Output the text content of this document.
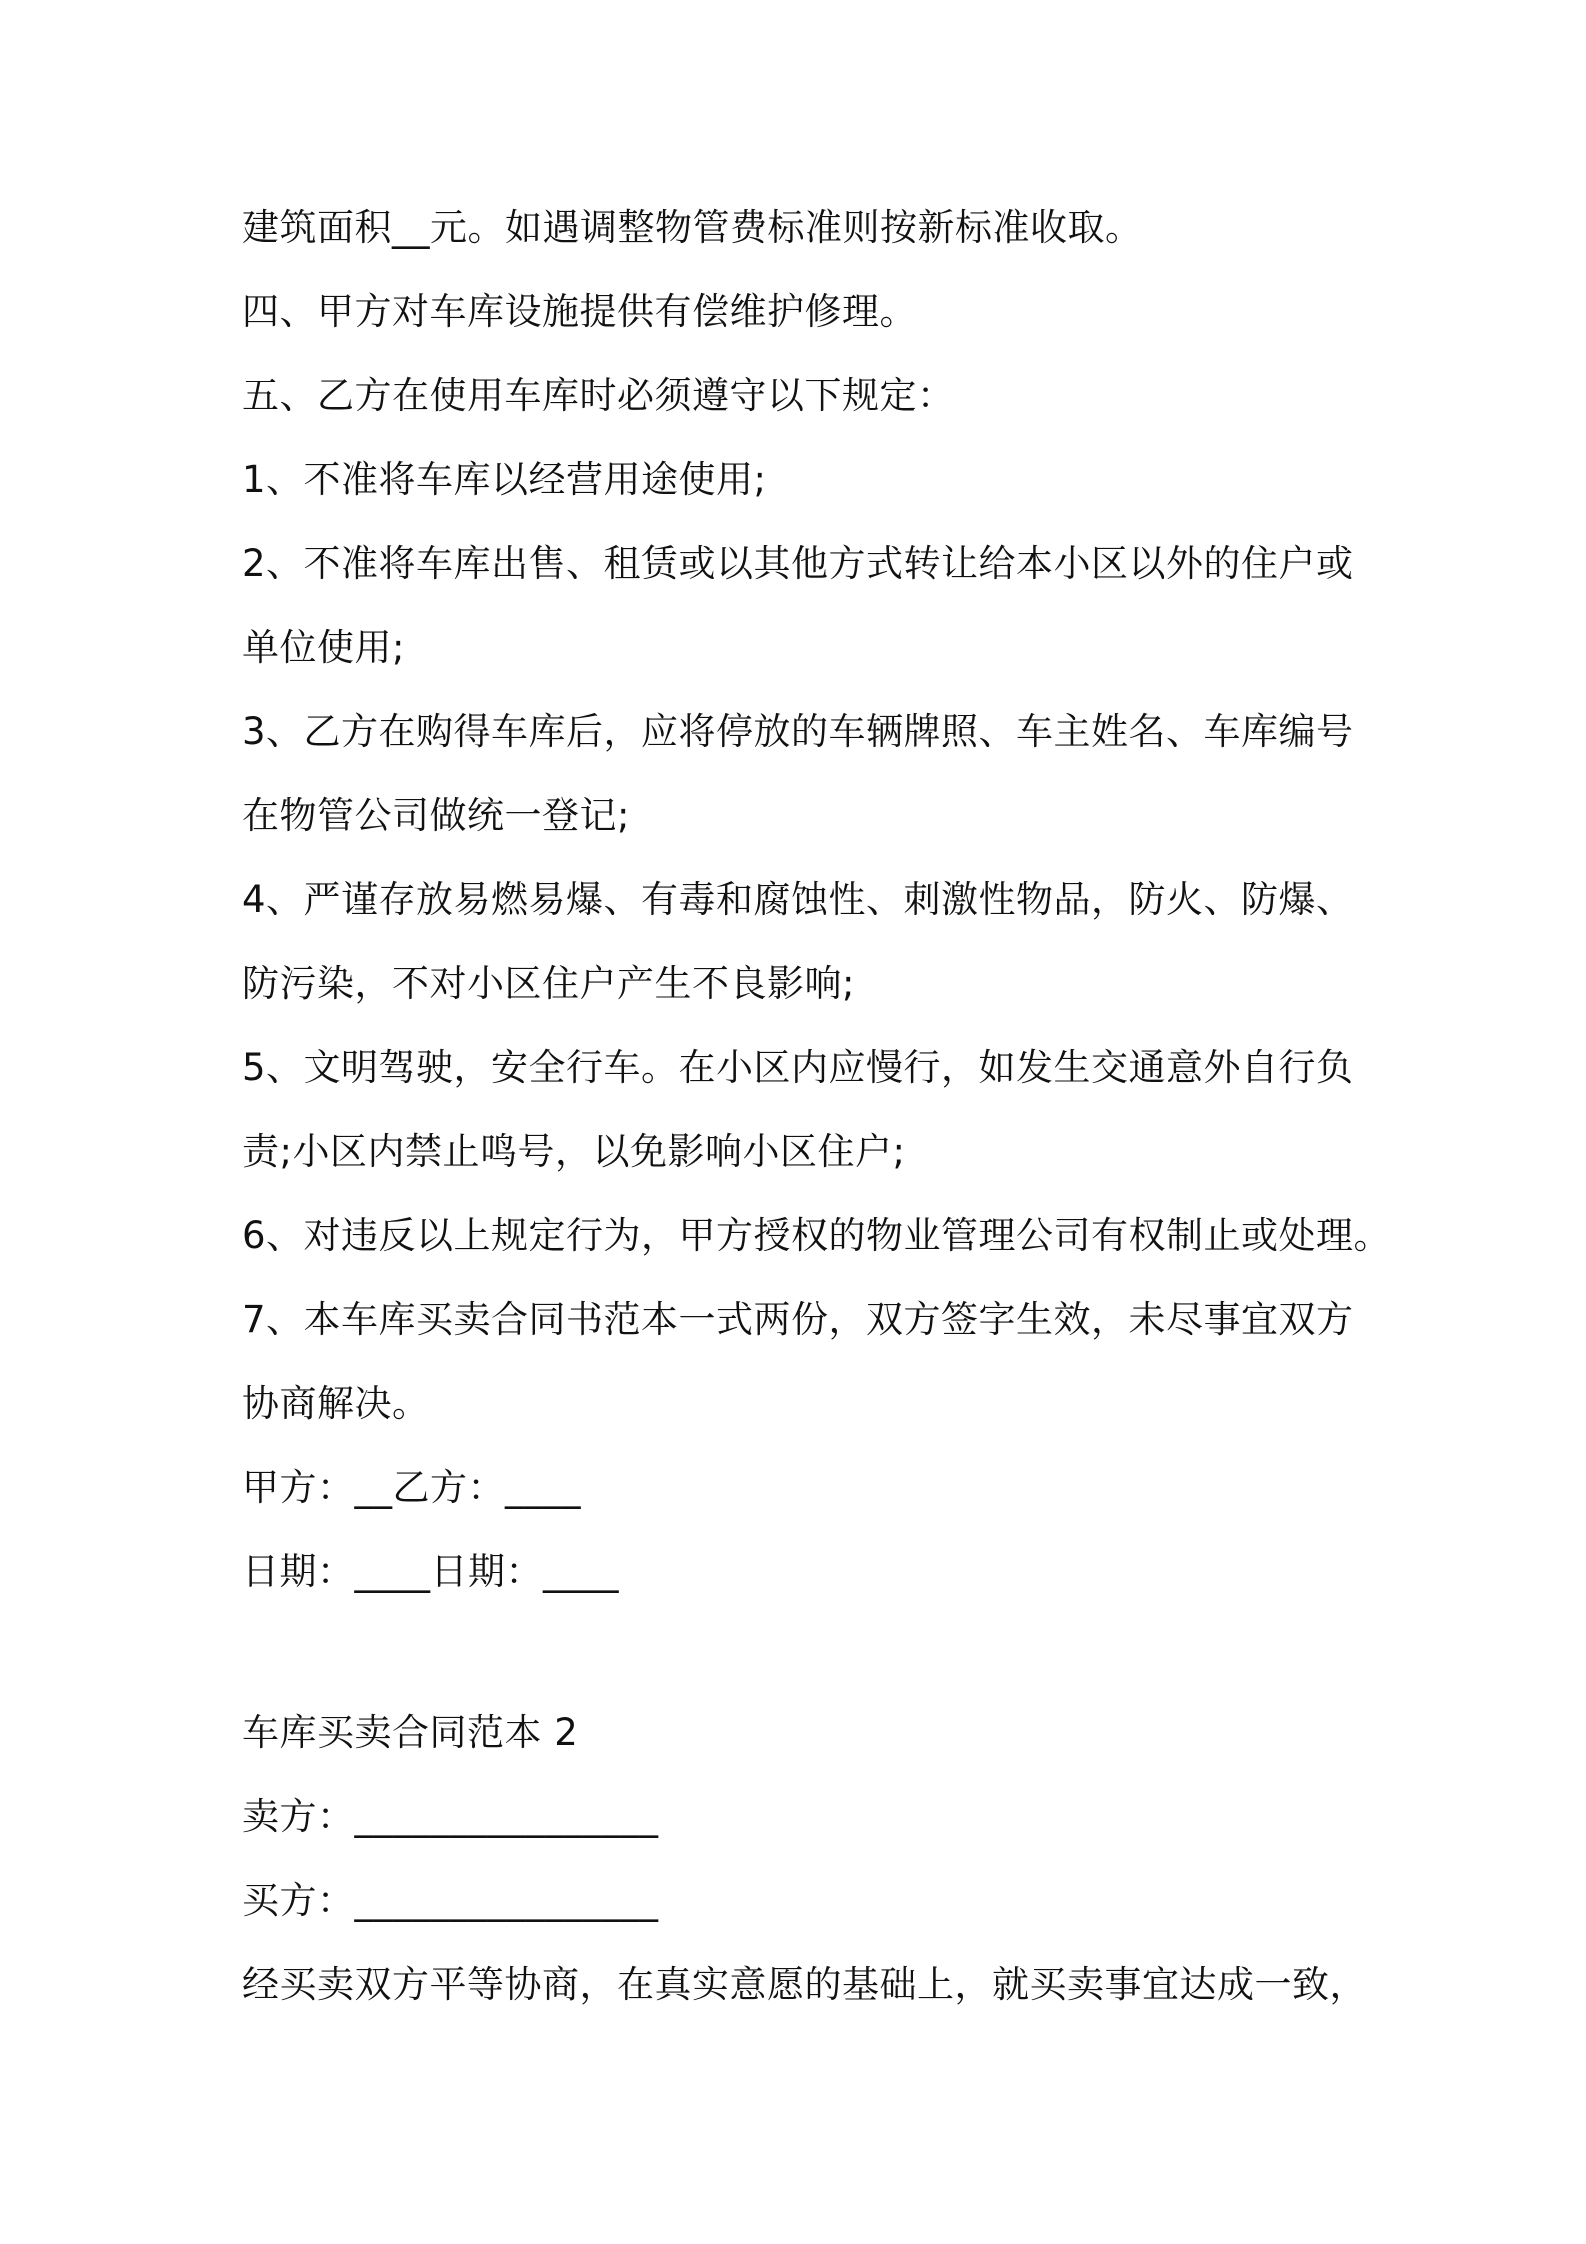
建筑面积__元。如遇调整物管费标准则按新标准收取。
四、甲方对车库设施提供有偿维护修理。
五、乙方在使用车库时必须遵守以下规定：
1、不准将车库以经营用途使用;
2、不准将车库出售、租赁或以其他方式转让给本小区以外的住户或
单位使用;
3、乙方在购得车库后，应将停放的车辆牌照、车主姓名、车库编号
在物管公司做统一登记;
4、严谨存放易燃易爆、有毒和腐蚀性、刺激性物品，防火、防爆、
防污染，不对小区住户产生不良影响;
5、文明驾驶，安全行车。在小区内应慢行，如发生交通意外自行负
责;小区内禁止鸣号，以免影响小区住户;
6、对违反以上规定行为，甲方授权的物业管理公司有权制止或处理。
7、本车库买卖合同书范本一式两份，双方签字生效，未尽事宜双方
协商解决。
甲方：__乙方：____
日期：____日期：____
车库买卖合同范本 2
卖方：________________
买方：________________
经买卖双方平等协商，在真实意愿的基础上，就买卖事宜达成一致，
